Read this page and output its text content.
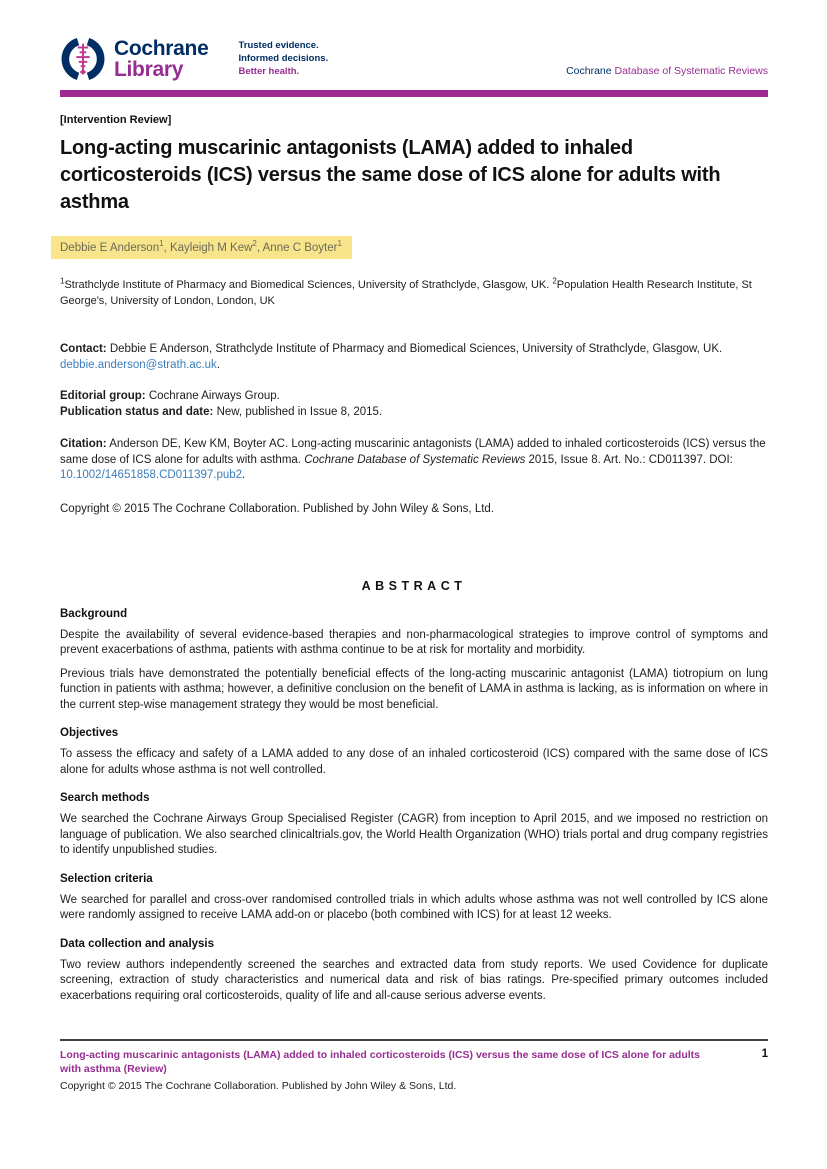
Cochrane
Library
Trusted evidence.
Informed decisions.
Better health.	Cochrane Database of Systematic Reviews
[Intervention Review]
Long-acting muscarinic antagonists (LAMA) added to inhaled corticosteroids (ICS) versus the same dose of ICS alone for adults with asthma
Debbie E Anderson$^1$, Kayleigh M Kew$^2$, Anne C Boyter$^1$

$^1$Strathclyde Institute of Pharmacy and Biomedical Sciences, University of Strathclyde, Glasgow, UK. $^2$Population Health Research Institute, St George's, University of London, London, UK

Contact: Debbie E Anderson, Strathclyde Institute of Pharmacy and Biomedical Sciences, University of Strathclyde, Glasgow, UK.
debbie.anderson@strath.ac.uk.

Editorial group: Cochrane Airways Group.
Publication status and date: New, published in Issue 8, 2015.

Citation: Anderson DE, Kew KM, Boyter AC. Long-acting muscarinic antagonists (LAMA) added to inhaled corticosteroids (ICS) versus the same dose of ICS alone for adults with asthma. Cochrane Database of Systematic Reviews 2015, Issue 8. Art. No.: CD011397. DOI: 10.1002/14651858.CD011397.pub2.

Copyright © 2015 The Cochrane Collaboration. Published by John Wiley & Sons, Ltd.

ABSTRACT
Background

Despite the availability of several evidence-based therapies and non-pharmacological strategies to improve control of symptoms and prevent exacerbations of asthma, patients with asthma continue to be at risk for mortality and morbidity.

Previous trials have demonstrated the potentially beneficial effects of the long-acting muscarinic antagonist (LAMA) tiotropium on lung function in patients with asthma; however, a definitive conclusion on the benefit of LAMA in asthma is lacking, as is information on where in the current step-wise management strategy they would be most beneficial.

Objectives

To assess the efficacy and safety of a LAMA added to any dose of an inhaled corticosteroid (ICS) compared with the same dose of ICS alone for adults whose asthma is not well controlled.

Search methods

We searched the Cochrane Airways Group Specialised Register (CAGR) from inception to April 2015, and we imposed no restriction on language of publication. We also searched clinicaltrials.gov, the World Health Organization (WHO) trials portal and drug company registries to identify unpublished studies.

Selection criteria

We searched for parallel and cross-over randomised controlled trials in which adults whose asthma was not well controlled by ICS alone were randomly assigned to receive LAMA add-on or placebo (both combined with ICS) for at least 12 weeks.

Data collection and analysis

Two review authors independently screened the searches and extracted data from study reports. We used Covidence for duplicate screening, extraction of study characteristics and numerical data and risk of bias ratings. Pre-specified primary outcomes included exacerbations requiring oral corticosteroids, quality of life and all-cause serious adverse events.

Long-acting muscarinic antagonists (LAMA) added to inhaled corticosteroids (ICS) versus the same dose of ICS alone for adults with asthma (Review)
1
Copyright © 2015 The Cochrane Collaboration. Published by John Wiley & Sons, Ltd.
